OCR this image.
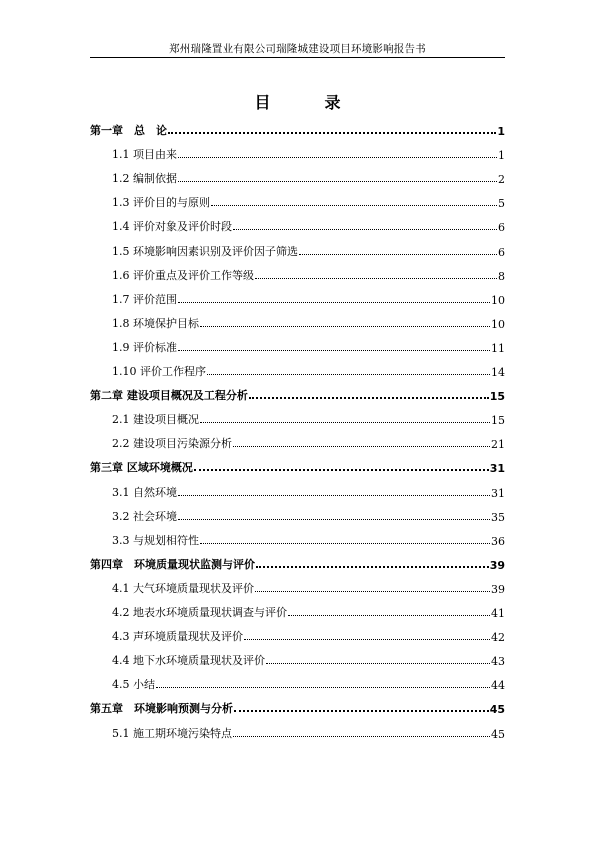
郑州瑞隆置业有限公司瑞隆城建设项目环境影响报告书
目录
第一章　总　论	1
1.1 项目由来	1
1.2 编制依据	2
1.3 评价目的与原则	5
1.4 评价对象及评价时段	6
1.5 环境影响因素识别及评价因子筛选	6
1.6 评价重点及评价工作等级	8
1.7 评价范围	10
1.8 环境保护目标	10
1.9 评价标准	11
1.10 评价工作程序	14
第二章 建设项目概况及工程分析	15
2.1 建设项目概况	15
2.2 建设项目污染源分析	21
第三章 区域环境概况	31
3.1 自然环境	31
3.2 社会环境	35
3.3 与规划相符性	36
第四章　环境质量现状监测与评价	39
4.1 大气环境质量现状及评价	39
4.2 地表水环境质量现状调查与评价	41
4.3 声环境质量现状及评价	42
4.4 地下水环境质量现状及评价	43
4.5 小结	44
第五章　环境影响预测与分析	45
5.1 施工期环境污染特点	45
